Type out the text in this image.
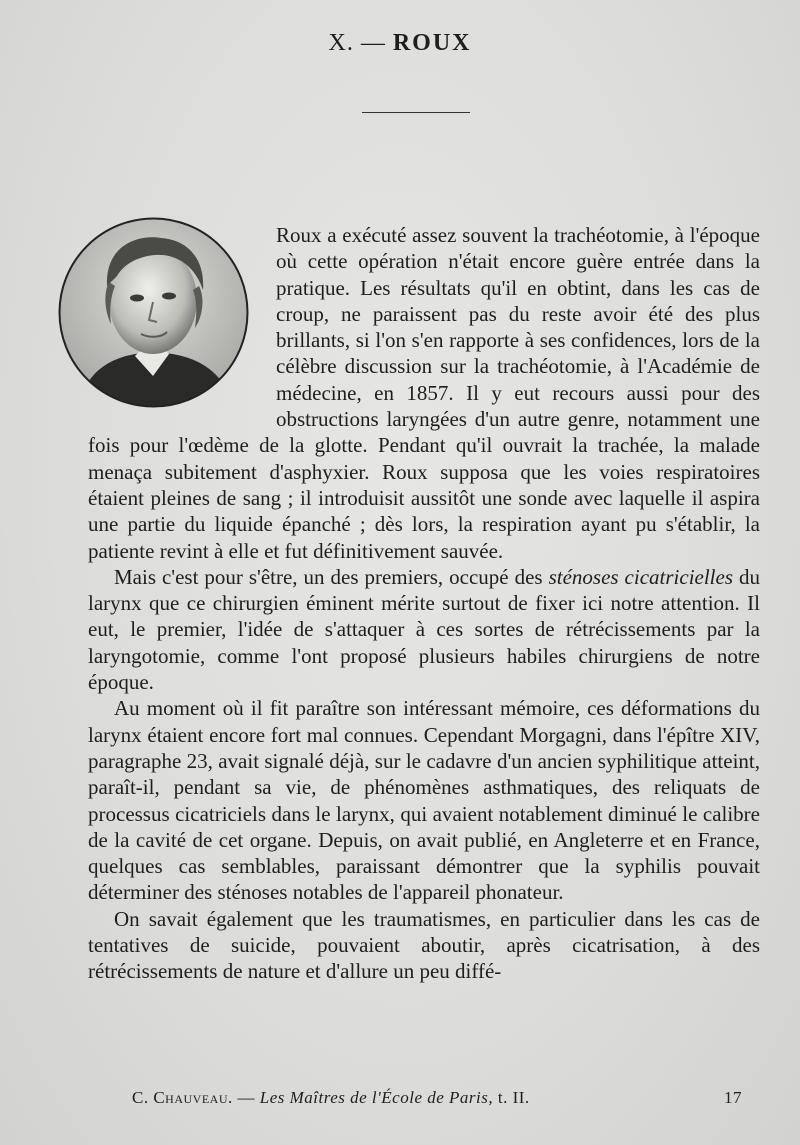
X. — ROUX

Roux a exécuté assez souvent la trachéotomie, à l'époque où cette opération n'était encore guère entrée dans la pratique. Les résultats qu'il en obtint, dans les cas de croup, ne paraissent pas du reste avoir été des plus brillants, si l'on s'en rapporte à ses confidences, lors de la célèbre discussion sur la trachéotomie, à l'Académie de médecine, en 1857. Il y eut recours aussi pour des obstructions laryngées d'un autre genre, notamment une fois pour l'œdème de la glotte. Pendant qu'il ouvrait la trachée, la malade menaça subitement d'asphyxier. Roux supposa que les voies respiratoires étaient pleines de sang ; il introduisit aussitôt une sonde avec laquelle il aspira une partie du liquide épanché ; dès lors, la respiration ayant pu s'établir, la patiente revint à elle et fut définitivement sauvée.

Mais c'est pour s'être, un des premiers, occupé des sténoses cicatricielles du larynx que ce chirurgien éminent mérite surtout de fixer ici notre attention. Il eut, le premier, l'idée de s'attaquer à ces sortes de rétrécissements par la laryngotomie, comme l'ont proposé plusieurs habiles chirurgiens de notre époque.

Au moment où il fit paraître son intéressant mémoire, ces déformations du larynx étaient encore fort mal connues. Cependant Morgagni, dans l'épître XIV, paragraphe 23, avait signalé déjà, sur le cadavre d'un ancien syphilitique atteint, paraît-il, pendant sa vie, de phénomènes asthmatiques, des reliquats de processus cicatriciels dans le larynx, qui avaient notablement diminué le calibre de la cavité de cet organe. Depuis, on avait publié, en Angleterre et en France, quelques cas semblables, paraissant démontrer que la syphilis pouvait déterminer des sténoses notables de l'appareil phonateur.

On savait également que les traumatismes, en particulier dans les cas de tentatives de suicide, pouvaient aboutir, après cicatrisation, à des rétrécissements de nature et d'allure un peu diffé-

C. Chauveau. — Les Maîtres de l'École de Paris, t. II.	17
